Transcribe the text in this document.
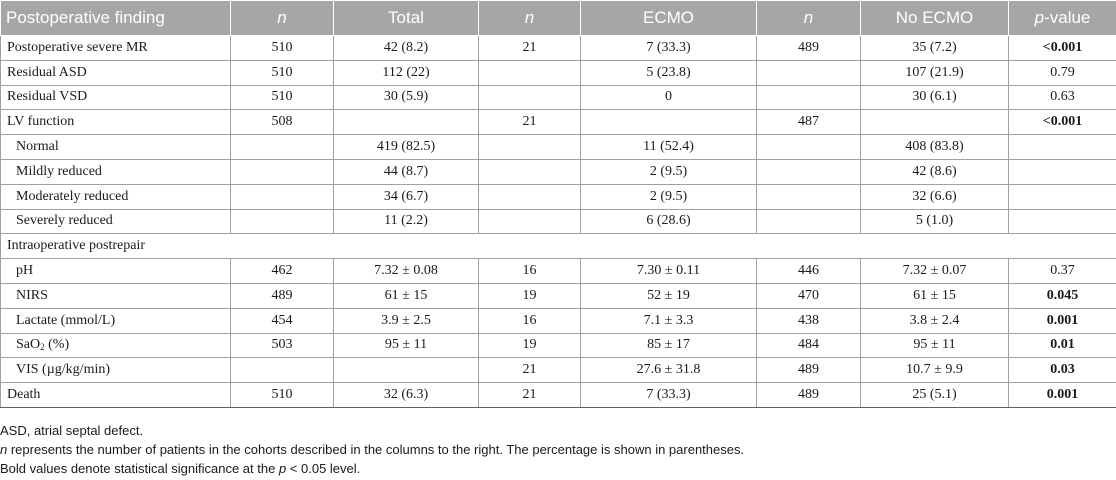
Postoperative finding	n	Total	n	ECMO	n	No ECMO	p-value
Postoperative severe MR	510	42 (8.2)	21	7 (33.3)	489	35 (7.2)	<0.001
Residual ASD	510	112 (22)		5 (23.8)		107 (21.9)	0.79
Residual VSD	510	30 (5.9)		0		30 (6.1)	0.63
LV function	508		21		487		<0.001
Normal		419 (82.5)		11 (52.4)		408 (83.8)	
Mildly reduced		44 (8.7)		2 (9.5)		42 (8.6)	
Moderately reduced		34 (6.7)		2 (9.5)		32 (6.6)	
Severely reduced		11 (2.2)		6 (28.6)		5 (1.0)	
Intraoperative postrepair							
pH	462	7.32 ± 0.08	16	7.30 ± 0.11	446	7.32 ± 0.07	0.37
NIRS	489	61 ± 15	19	52 ± 19	470	61 ± 15	0.045
Lactate (mmol/L)	454	3.9 ± 2.5	16	7.1 ± 3.3	438	3.8 ± 2.4	0.001
SaO$_2$ (%)	503	95 ± 11	19	85 ± 17	484	95 ± 11	0.01
VIS (µg/kg/min)			21	27.6 ± 31.8	489	10.7 ± 9.9	0.03
Death	510	32 (6.3)	21	7 (33.3)	489	25 (5.1)	0.001

ASD, atrial septal defect.

n represents the number of patients in the cohorts described in the columns to the right. The percentage is shown in parentheses.

Bold values denote statistical significance at the p < 0.05 level.
